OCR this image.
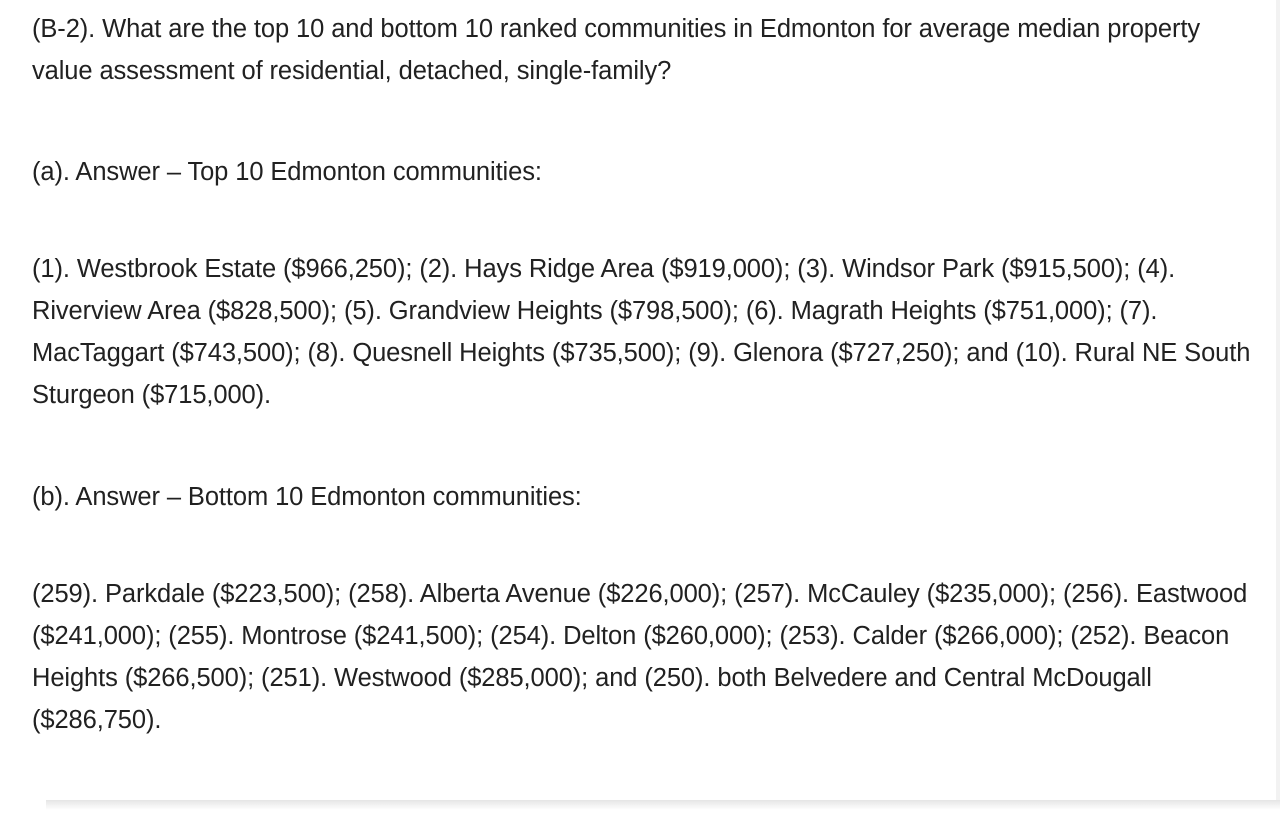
(B-2). What are the top 10 and bottom 10 ranked communities in Edmonton for average median property value assessment of residential, detached, single-family?

(a). Answer – Top 10 Edmonton communities:

(1). Westbrook Estate ($966,250); (2). Hays Ridge Area ($919,000); (3). Windsor Park ($915,500); (4). Riverview Area ($828,500); (5). Grandview Heights ($798,500); (6). Magrath Heights ($751,000); (7). MacTaggart ($743,500); (8). Quesnell Heights ($735,500); (9). Glenora ($727,250); and (10). Rural NE South Sturgeon ($715,000).

(b). Answer – Bottom 10 Edmonton communities:

(259). Parkdale ($223,500); (258). Alberta Avenue ($226,000); (257). McCauley ($235,000); (256). Eastwood ($241,000); (255). Montrose ($241,500); (254). Delton ($260,000); (253). Calder ($266,000); (252). Beacon Heights ($266,500); (251). Westwood ($285,000); and (250). both Belvedere and Central McDougall ($286,750).
